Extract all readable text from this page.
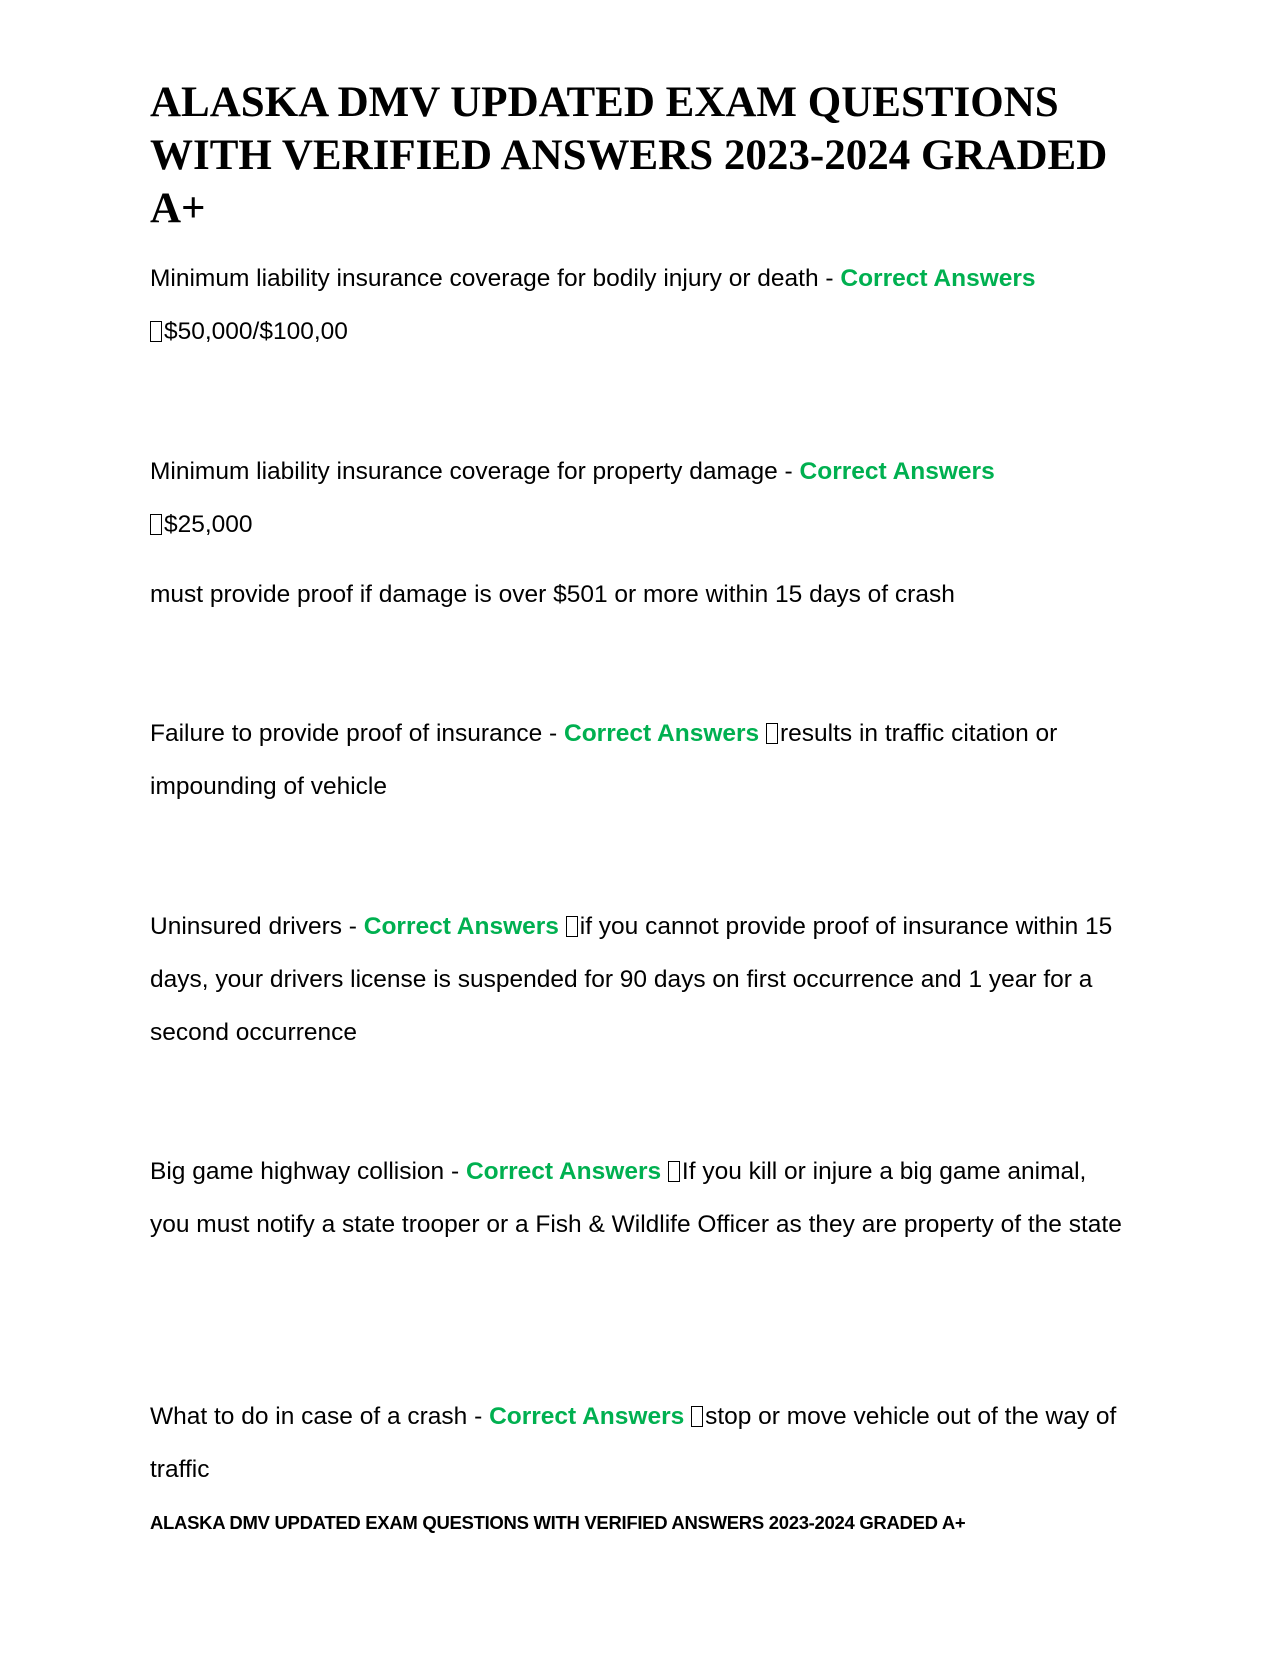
ALASKA DMV UPDATED EXAM QUESTIONS WITH VERIFIED ANSWERS 2023-2024 GRADED A+

Minimum liability insurance coverage for bodily injury or death - Correct Answers
$50,000/$100,00

Minimum liability insurance coverage for property damage - Correct Answers
$25,000

must provide proof if damage is over $501 or more within 15 days of crash

Failure to provide proof of insurance - Correct Answers results in traffic citation or impounding of vehicle

Uninsured drivers - Correct Answers if you cannot provide proof of insurance within 15 days, your drivers license is suspended for 90 days on first occurrence and 1 year for a second occurrence

Big game highway collision - Correct Answers If you kill or injure a big game animal, you must notify a state trooper or a Fish & Wildlife Officer as they are property of the state

What to do in case of a crash - Correct Answers stop or move vehicle out of the way of traffic

ALASKA DMV UPDATED EXAM QUESTIONS WITH VERIFIED ANSWERS 2023-2024 GRADED A+
